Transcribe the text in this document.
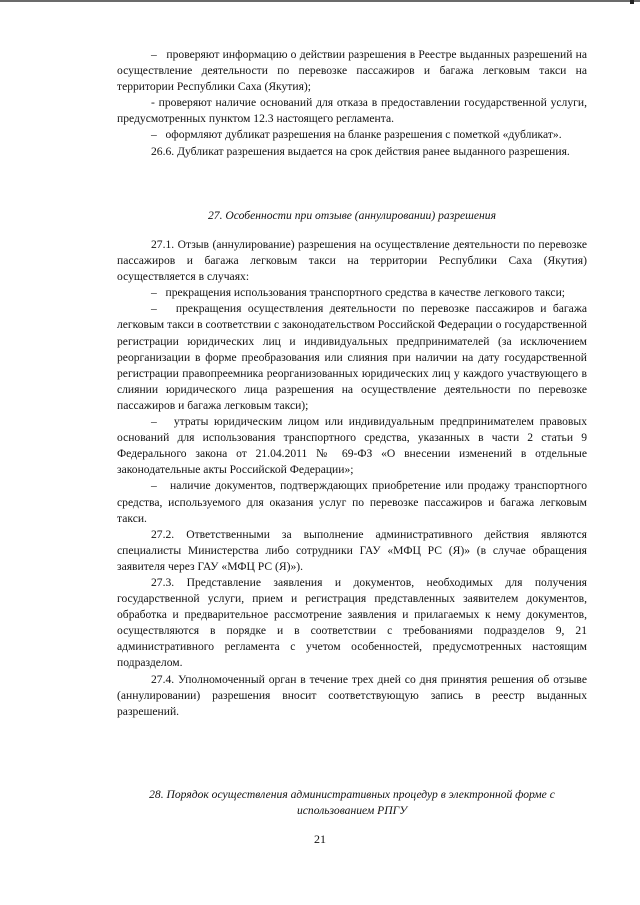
–   проверяют информацию о действии разрешения в Реестре выданных разрешений на осуществление деятельности по перевозке пассажиров и багажа легковым такси на территории Республики Саха (Якутия);

- проверяют наличие оснований для отказа в предоставлении государственной услуги, предусмотренных пунктом 12.3 настоящего регламента.

–   оформляют дубликат разрешения на бланке разрешения с пометкой «дубликат».

26.6. Дубликат разрешения выдается на срок действия ранее выданного разрешения.

27. Особенности при отзыве (аннулировании) разрешения

27.1. Отзыв (аннулирование) разрешения на осуществление деятельности по перевозке пассажиров и багажа легковым такси на территории Республики Саха (Якутия) осуществляется в случаях:

–   прекращения использования транспортного средства в качестве легкового такси;

–   прекращения осуществления деятельности по перевозке пассажиров и багажа легковым такси в соответствии с законодательством Российской Федерации о государственной регистрации юридических лиц и индивидуальных предпринимателей (за исключением реорганизации в форме преобразования или слияния при наличии на дату государственной регистрации правопреемника реорганизованных юридических лиц у каждого участвующего в слиянии юридического лица разрешения на осуществление деятельности по перевозке пассажиров и багажа легковым такси);

–   утраты юридическим лицом или индивидуальным предпринимателем правовых оснований для использования транспортного средства, указанных в части 2 статьи 9 Федерального закона от 21.04.2011 № 69-ФЗ «О внесении изменений в отдельные законодательные акты Российской Федерации»;

–   наличие документов, подтверждающих приобретение или продажу транспортного средства, используемого для оказания услуг по перевозке пассажиров и багажа легковым такси.

27.2. Ответственными за выполнение административного действия являются специалисты Министерства либо сотрудники ГАУ «МФЦ РС (Я)» (в случае обращения заявителя через ГАУ «МФЦ РС (Я)»).

27.3. Представление заявления и документов, необходимых для получения государственной услуги, прием и регистрация представленных заявителем документов, обработка и предварительное рассмотрение заявления и прилагаемых к нему документов, осуществляются в порядке и в соответствии с требованиями подразделов 9, 21 административного регламента с учетом особенностей, предусмотренных настоящим подразделом.

27.4. Уполномоченный орган в течение трех дней со дня принятия решения об отзыве (аннулировании) разрешения вносит соответствующую запись в реестр выданных разрешений.

28. Порядок осуществления административных процедур в электронной форме с использованием РПГУ
21
